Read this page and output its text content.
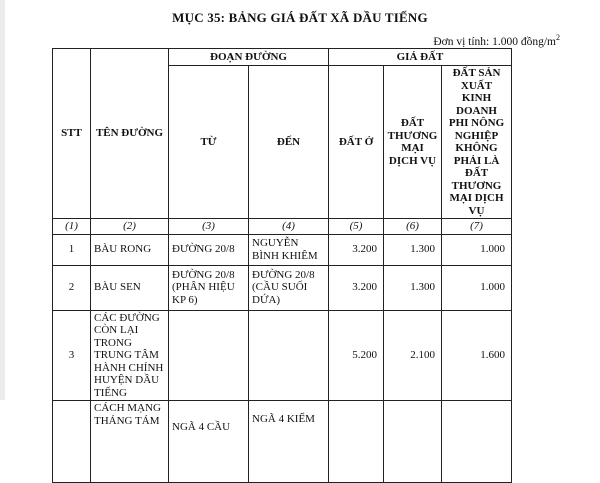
MỤC 35: BẢNG GIÁ ĐẤT XÃ DẦU TIẾNG
Đơn vị tính: 1.000 đồng/$m^2$
STT	TÊN ĐƯỜNG	ĐOẠN ĐƯỜNG		GIÁ ĐẤT		
		TỪ	ĐẾN	ĐẤT Ở	ĐẤT THƯƠNG MẠI DỊCH VỤ	ĐẤT SẢN XUẤT KINH DOANH PHI NÔNG NGHIỆP KHÔNG PHẢI LÀ ĐẤT THƯƠNG MẠI DỊCH VỤ
(1)	(2)	(3)	(4)	(5)	(6)	(7)
1	BÀU RONG	ĐƯỜNG 20/8	NGUYỄN BÌNH KHIÊM	3.200	1.300	1.000
2	BÀU SEN	ĐƯỜNG 20/8 (PHÂN HIỆU KP 6)	ĐƯỜNG 20/8 (CẦU SUỐI DỨA)	3.200	1.300	1.000
3	CÁC ĐƯỜNG CÒN LẠI TRONG TRUNG TÂM HÀNH CHÍNH HUYỆN DẦU TIẾNG			5.200	2.100	1.600
	CÁCH MẠNG THÁNG TÁM	NGÃ 4 CẦU	NGÃ 4 KIỂM			
